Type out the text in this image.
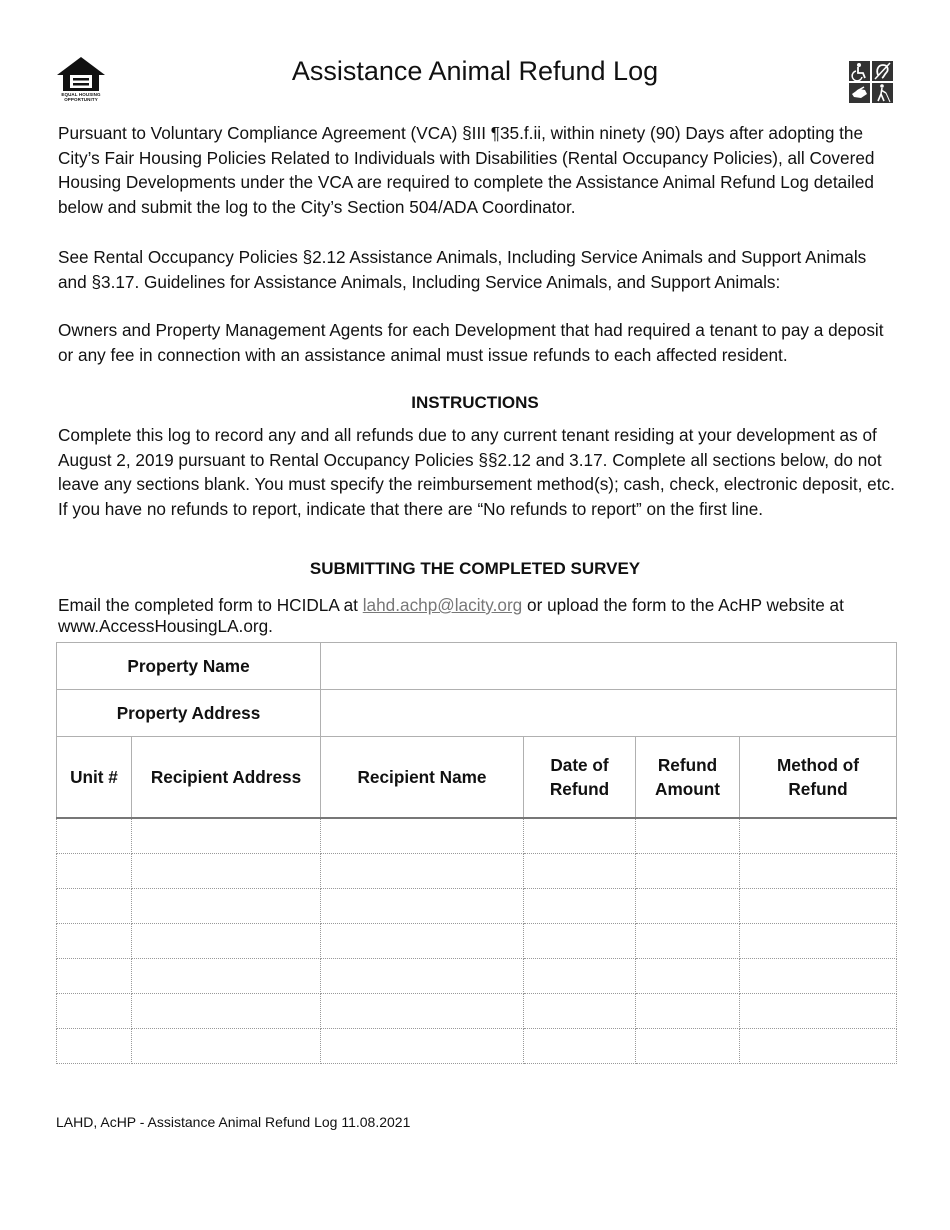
EQUAL HOUSING OPPORTUNITY
Assistance Animal Refund Log

Pursuant to Voluntary Compliance Agreement (VCA) §III ¶35.f.ii, within ninety (90) Days after adopting the City’s Fair Housing Policies Related to Individuals with Disabilities (Rental Occupancy Policies), all Covered Housing Developments under the VCA are required to complete the Assistance Animal Refund Log detailed below and submit the log to the City’s Section 504/ADA Coordinator.

See Rental Occupancy Policies §2.12 Assistance Animals, Including Service Animals and Support Animals and §3.17. Guidelines for Assistance Animals, Including Service Animals, and Support Animals:

Owners and Property Management Agents for each Development that had required a tenant to pay a deposit or any fee in connection with an assistance animal must issue refunds to each affected resident.

INSTRUCTIONS

Complete this log to record any and all refunds due to any current tenant residing at your development as of August 2, 2019 pursuant to Rental Occupancy Policies §§2.12 and 3.17. Complete all sections below, do not leave any sections blank. You must specify the reimbursement method(s); cash, check, electronic deposit, etc. If you have no refunds to report, indicate that there are “No refunds to report” on the first line.

SUBMITTING THE COMPLETED SURVEY

Email the completed form to HCIDLA at lahd.achp@lacity.org or upload the form to the AcHP website at www.AccessHousingLA.org.

Property Name					
Property Address					
Unit #	Recipient Address	Recipient Name	Date of Refund	Refund Amount	Method of Refund

LAHD, AcHP - Assistance Animal Refund Log 11.08.2021
